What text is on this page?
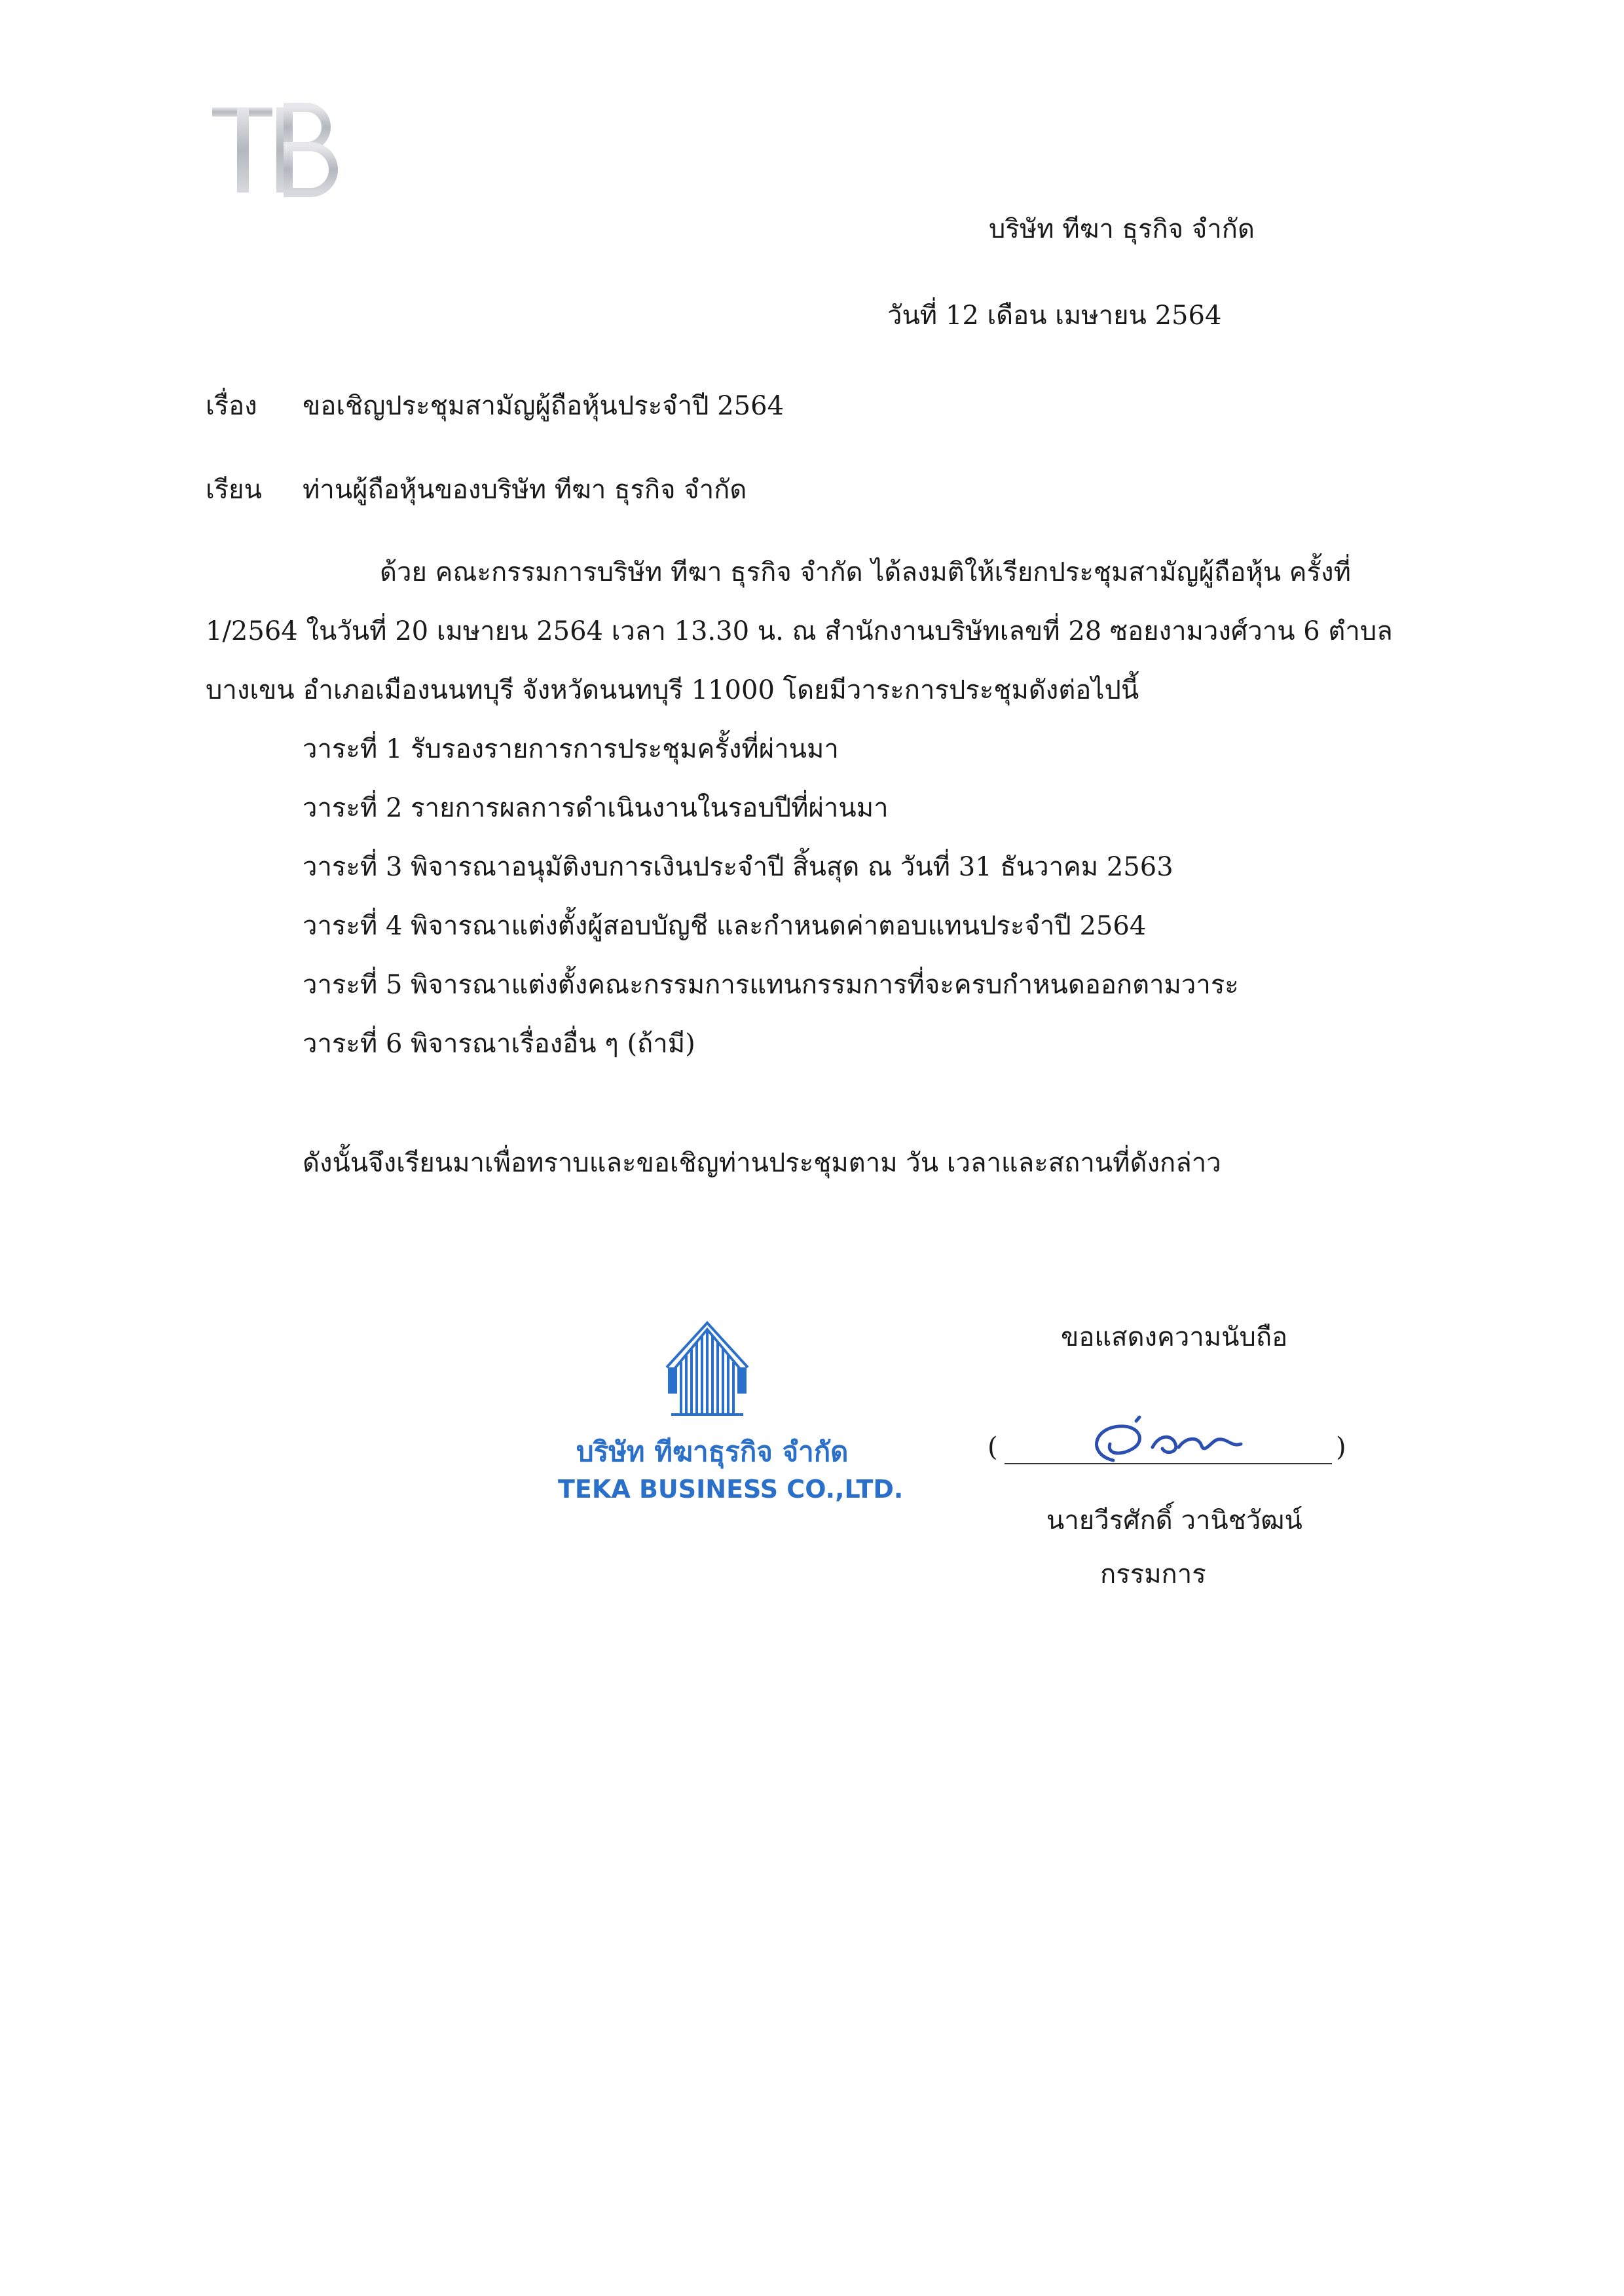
บริษัท ทีฆา ธุรกิจ จำกัด
วันที่ 12 เดือน เมษายน 2564
เรื่อง ขอเชิญประชุมสามัญผู้ถือหุ้นประจำปี 2564
เรียน ท่านผู้ถือหุ้นของบริษัท ทีฆา ธุรกิจ จำกัด
ด้วย คณะกรรมการบริษัท ทีฆา ธุรกิจ จำกัด ได้ลงมติให้เรียกประชุมสามัญผู้ถือหุ้น ครั้งที่
1/2564 ในวันที่ 20 เมษายน 2564 เวลา 13.30 น. ณ สำนักงานบริษัทเลขที่ 28 ซอยงามวงศ์วาน 6 ตำบล
บางเขน อำเภอเมืองนนทบุรี จังหวัดนนทบุรี 11000 โดยมีวาระการประชุมดังต่อไปนี้
วาระที่ 1 รับรองรายการการประชุมครั้งที่ผ่านมา
วาระที่ 2 รายการผลการดำเนินงานในรอบปีที่ผ่านมา
วาระที่ 3 พิจารณาอนุมัติงบการเงินประจำปี สิ้นสุด ณ วันที่ 31 ธันวาคม 2563
วาระที่ 4 พิจารณาแต่งตั้งผู้สอบบัญชี และกำหนดค่าตอบแทนประจำปี 2564
วาระที่ 5 พิจารณาแต่งตั้งคณะกรรมการแทนกรรมการที่จะครบกำหนดออกตามวาระ
วาระที่ 6 พิจารณาเรื่องอื่น ๆ (ถ้ามี)
ดังนั้นจึงเรียนมาเพื่อทราบและขอเชิญท่านประชุมตาม วัน เวลาและสถานที่ดังกล่าว
ขอแสดงความนับถือ
บริษัท ทีฆาธุรกิจ จำกัด
TEKA BUSINESS CO.,LTD.
(	)
นายวีรศักดิ์ วานิชวัฒน์
กรรมการ
